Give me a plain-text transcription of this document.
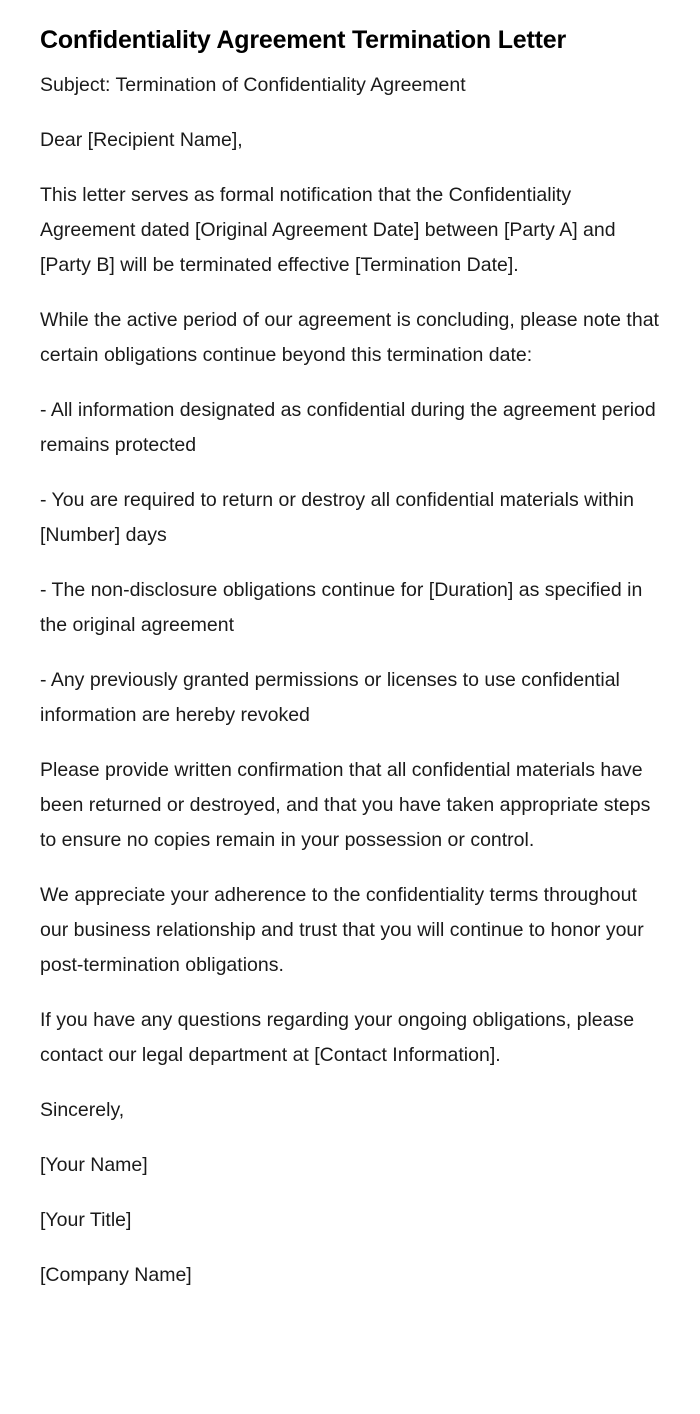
Confidentiality Agreement Termination Letter
Subject: Termination of Confidentiality Agreement
Dear [Recipient Name],
This letter serves as formal notification that the Confidentiality Agreement dated [Original Agreement Date] between [Party A] and [Party B] will be terminated effective [Termination Date].
While the active period of our agreement is concluding, please note that certain obligations continue beyond this termination date:
- All information designated as confidential during the agreement period remains protected
- You are required to return or destroy all confidential materials within [Number] days
- The non-disclosure obligations continue for [Duration] as specified in the original agreement
- Any previously granted permissions or licenses to use confidential information are hereby revoked
Please provide written confirmation that all confidential materials have been returned or destroyed, and that you have taken appropriate steps to ensure no copies remain in your possession or control.
We appreciate your adherence to the confidentiality terms throughout our business relationship and trust that you will continue to honor your post-termination obligations.
If you have any questions regarding your ongoing obligations, please contact our legal department at [Contact Information].
Sincerely,
[Your Name]
[Your Title]
[Company Name]
